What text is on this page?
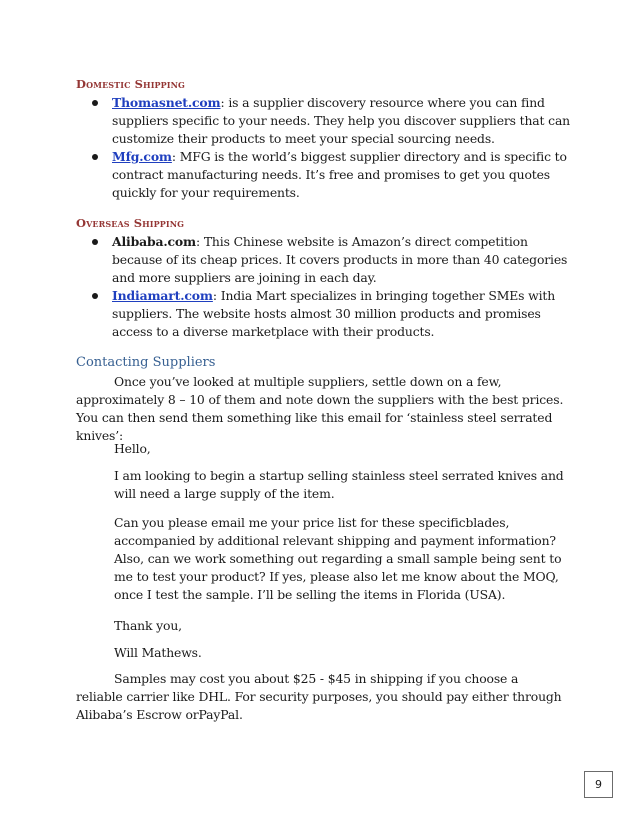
Domestic Shipping
Thomasnet.com: is a supplier discovery resource where you can find suppliers specific to your needs. They help you discover suppliers that can customize their products to meet your special sourcing needs.
Mfg.com: MFG is the world’s biggest supplier directory and is specific to contract manufacturing needs. It’s free and promises to get you quotes quickly for your requirements.
Overseas Shipping
Alibaba.com: This Chinese website is Amazon’s direct competition because of its cheap prices. It covers products in more than 40 categories and more suppliers are joining in each day.
Indiamart.com: India Mart specializes in bringing together SMEs with suppliers. The website hosts almost 30 million products and promises access to a diverse marketplace with their products.
Contacting Suppliers

Once you’ve looked at multiple suppliers, settle down on a few, approximately 8 – 10 of them and note down the suppliers with the best prices. You can then send them something like this email for ‘stainless steel serrated knives’:

Hello,

I am looking to begin a startup selling stainless steel serrated knives and will need a large supply of the item.

Can you please email me your price list for these specificblades, accompanied by additional relevant shipping and payment information? Also, can we work something out regarding a small sample being sent to me to test your product? If yes, please also let me know about the MOQ, once I test the sample. I’ll be selling the items in Florida (USA).

Thank you,

Will Mathews.

Samples may cost you about $25 - $45 in shipping if you choose a reliable carrier like DHL. For security purposes, you should pay either through Alibaba’s Escrow orPayPal.

9
